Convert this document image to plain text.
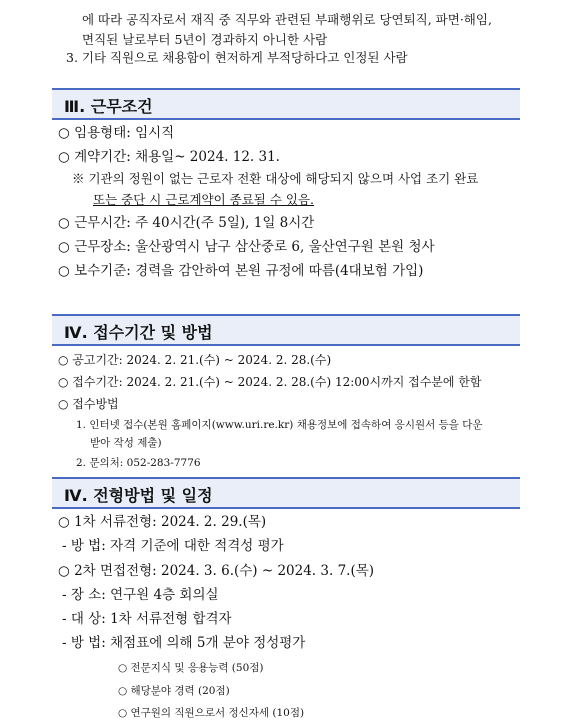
에 따라 공직자로서 재직 중 직무와 관련된 부패행위로 당연퇴직, 파면·해임,
면직된 날로부터 5년이 경과하지 아니한 사람
3. 기타 직원으로 채용함이 현저하게 부적당하다고 인정된 사람
Ⅲ. 근무조건
○ 임용형태: 임시직
○ 계약기간: 채용일~ 2024. 12. 31.
※ 기관의 정원이 없는 근로자 전환 대상에 해당되지 않으며 사업 조기 완료
또는 중단 시 근로계약이 종료될 수 있음.
○ 근무시간: 주 40시간(주 5일), 1일 8시간
○ 근무장소: 울산광역시 남구 삼산중로 6, 울산연구원 본원 청사
○ 보수기준: 경력을 감안하여 본원 규정에 따름(4대보험 가입)
Ⅳ. 접수기간 및 방법
○ 공고기간: 2024. 2. 21.(수) ~ 2024. 2. 28.(수)
○ 접수기간: 2024. 2. 21.(수) ~ 2024. 2. 28.(수) 12:00시까지 접수분에 한함
○ 접수방법
1. 인터넷 접수(본원 홈페이지(www.uri.re.kr) 채용정보에 접속하여 응시원서 등을 다운
받아 작성 제출)
2. 문의처: 052-283-7776
Ⅳ. 전형방법 및 일정
○ 1차 서류전형: 2024. 2. 29.(목)
- 방 법: 자격 기준에 대한 적격성 평가
○ 2차 면접전형: 2024. 3. 6.(수) ~ 2024. 3. 7.(목)
- 장 소: 연구원 4층 회의실
- 대 상: 1차 서류전형 합격자
- 방 법: 채점표에 의해 5개 분야 정성평가
○ 전문지식 및 응용능력 (50점)
○ 해당분야 경력 (20점)
○ 연구원의 직원으로서 정신자세 (10점)
